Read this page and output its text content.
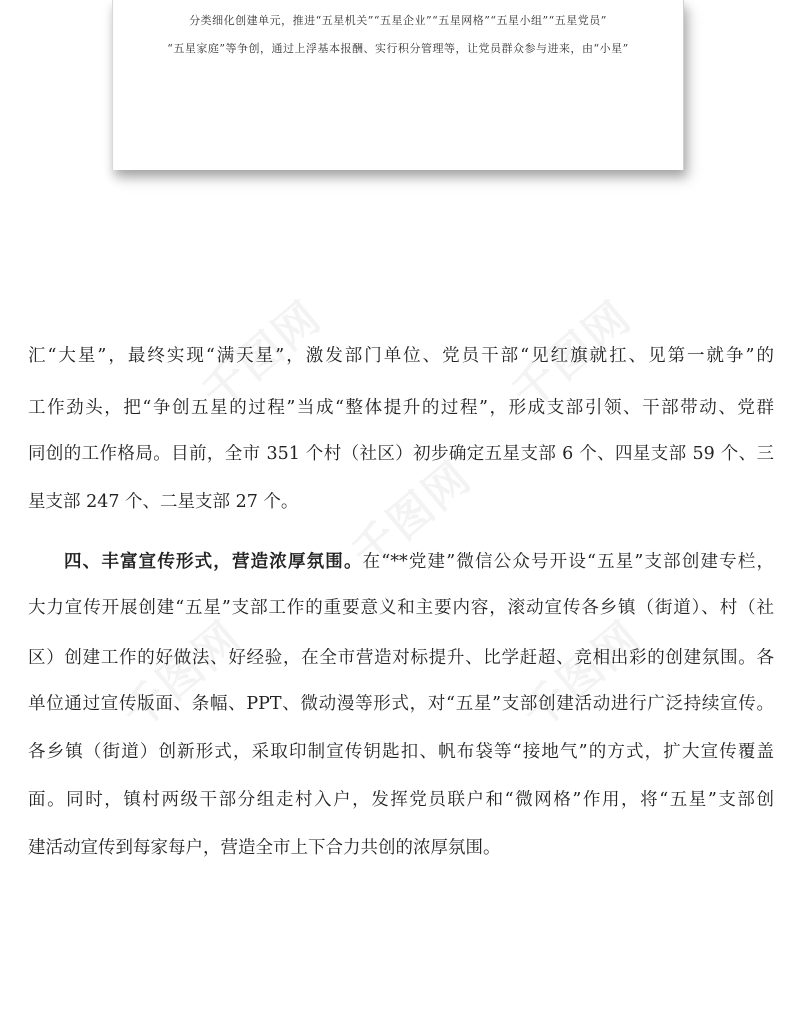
分类细化创建单元，推进“五星机关”“五星企业”“五星网格”“五星小组”“五星党员”
“五星家庭”等争创，通过上浮基本报酬、实行积分管理等，让党员群众参与进来，由“小星”
千图网	千图网
千图网
千图网	千图网
汇“大星”，最终实现“满天星”，激发部门单位、党员干部“见红旗就扛、见第一就争”的
工作劲头，把“争创五星的过程”当成“整体提升的过程”，形成支部引领、干部带动、党群
同创的工作格局。目前，全市 351 个村（社区）初步确定五星支部 6 个、四星支部 59 个、三
星支部 247 个、二星支部 27 个。
四、丰富宣传形式，营造浓厚氛围。在“**党建”微信公众号开设“五星”支部创建专栏，
大力宣传开展创建“五星”支部工作的重要意义和主要内容，滚动宣传各乡镇（街道）、村（社
区）创建工作的好做法、好经验，在全市营造对标提升、比学赶超、竞相出彩的创建氛围。各
单位通过宣传版面、条幅、PPT、微动漫等形式，对“五星”支部创建活动进行广泛持续宣传。
各乡镇（街道）创新形式，采取印制宣传钥匙扣、帆布袋等“接地气”的方式，扩大宣传覆盖
面。同时，镇村两级干部分组走村入户，发挥党员联户和“微网格”作用，将“五星”支部创
建活动宣传到每家每户，营造全市上下合力共创的浓厚氛围。
